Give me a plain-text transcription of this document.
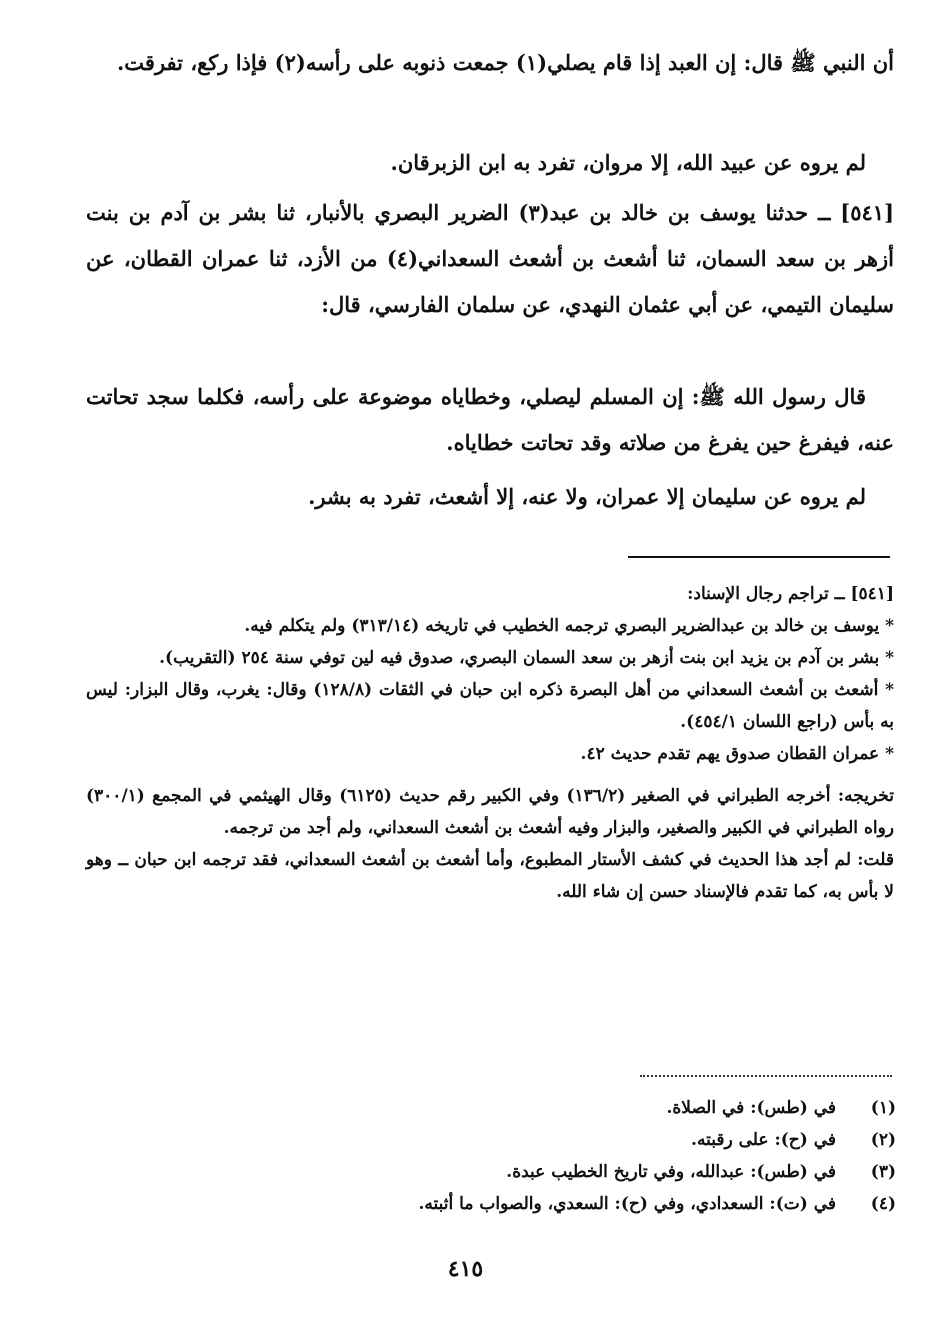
أن النبي ﷺ قال: إن العبد إذا قام يصلي(١) جمعت ذنوبه على رأسه(٢) فإذا ركع، تفرقت.

لم يروه عن عبيد الله، إلا مروان، تفرد به ابن الزبرقان.

[٥٤١] ــ حدثنا يوسف بن خالد بن عبد(٣) الضرير البصري بالأنبار، ثنا بشر بن آدم بن بنت أزهر بن سعد السمان، ثنا أشعث بن أشعث السعداني(٤) من الأزد، ثنا عمران القطان، عن سليمان التيمي، عن أبي عثمان النهدي، عن سلمان الفارسي، قال:

قال رسول الله ﷺ: إن المسلم ليصلي، وخطاياه موضوعة على رأسه، فكلما سجد تحاتت عنه، فيفرغ حين يفرغ من صلاته وقد تحاتت خطاياه.

لم يروه عن سليمان إلا عمران، ولا عنه، إلا أشعث، تفرد به بشر.

[٥٤١] ــ تراجم رجال الإسناد:

* يوسف بن خالد بن عبدالضرير البصري ترجمه الخطيب في تاريخه (٣١٣/١٤) ولم يتكلم فيه.

* بشر بن آدم بن يزيد ابن بنت أزهر بن سعد السمان البصري، صدوق فيه لين توفي سنة ٢٥٤ (التقريب).

* أشعث بن أشعث السعداني من أهل البصرة ذكره ابن حبان في الثقات (١٢٨/٨) وقال: يغرب، وقال البزار: ليس به بأس (راجع اللسان ٤٥٤/١).

* عمران القطان صدوق يهم تقدم حديث ٤٢.

تخريجه: أخرجه الطبراني في الصغير (١٣٦/٢) وفي الكبير رقم حديث (٦١٢٥) وقال الهيثمي في المجمع (٣٠٠/١) رواه الطبراني في الكبير والصغير، والبزار وفيه أشعث بن أشعث السعداني، ولم أجد من ترجمه.

قلت: لم أجد هذا الحديث في كشف الأستار المطبوع، وأما أشعث بن أشعث السعداني، فقد ترجمه ابن حبان ــ وهو لا بأس به، كما تقدم فالإسناد حسن إن شاء الله.

(١)
في (طس): في الصلاة.
(٢)
في (ح): على رقبته.
(٣)
في (طس): عبدالله، وفي تاريخ الخطيب عبدة.
(٤)
في (ت): السعدادي، وفي (ح): السعدي، والصواب ما أثبته.
٤١٥
